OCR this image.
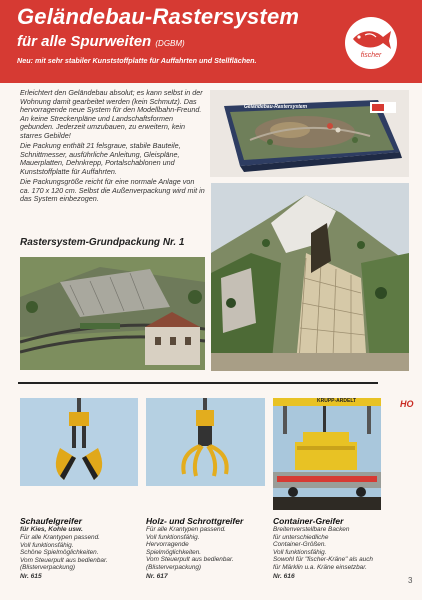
Geländebau-Rastersystem
für alle Spurweiten (DGBM)
Neu: mit sehr stabiler Kunststoffplatte für Auffahrten und Stellflächen.
fischer

Erleichtert den Geländebau absolut; es kann selbst in der Wohnung damit gearbeitet werden (kein Schmutz). Das hervorragende neue System für den Modellbahn-Freund. An keine Streckenpläne und Landschaftsformen gebunden. Jederzeit umzubauen, zu erweitern, kein starres Gebilde!

Die Packung enthält 21 felsgraue, stabile Bauteile, Schnittmesser, ausführliche Anleitung, Gleispläne, Mauerplatten, Dehnkrepp, Portalschablonen und Kunststoffplatte für Auffahrten.

Die Packungsgröße reicht für eine normale Anlage von ca. 170 x 120 cm. Selbst die Außenverpackung wird mit in das System einbezogen.

Geländebau-Rastersystem
Rastersystem-Grundpackung Nr. 1
HO
KRUPP-ARDELT
Schaufelgreifer
für Kies, Kohle usw.
Für alle Krantypen passend.
Voll funktionsfähig.
Schöne Spielmöglichkeiten.
Vom Steuerpult aus bedienbar.
(Blisterverpackung)
Nr. 615
Holz- und Schrottgreifer
Für alle Krantypen passend.
Voll funktionsfähig.
Hervorragende
Spielmöglichkeiten.
Vom Steuerpult aus bedienbar.
(Blisterverpackung)
Nr. 617
Container-Greifer
Breitenverstellbare Backen
für unterschiedliche
Container-Größen.
Voll funktionsfähig.
Sowohl für "fischer-Kräne" als auch
für Märklin u.a. Kräne einsetzbar.
Nr. 616	3
